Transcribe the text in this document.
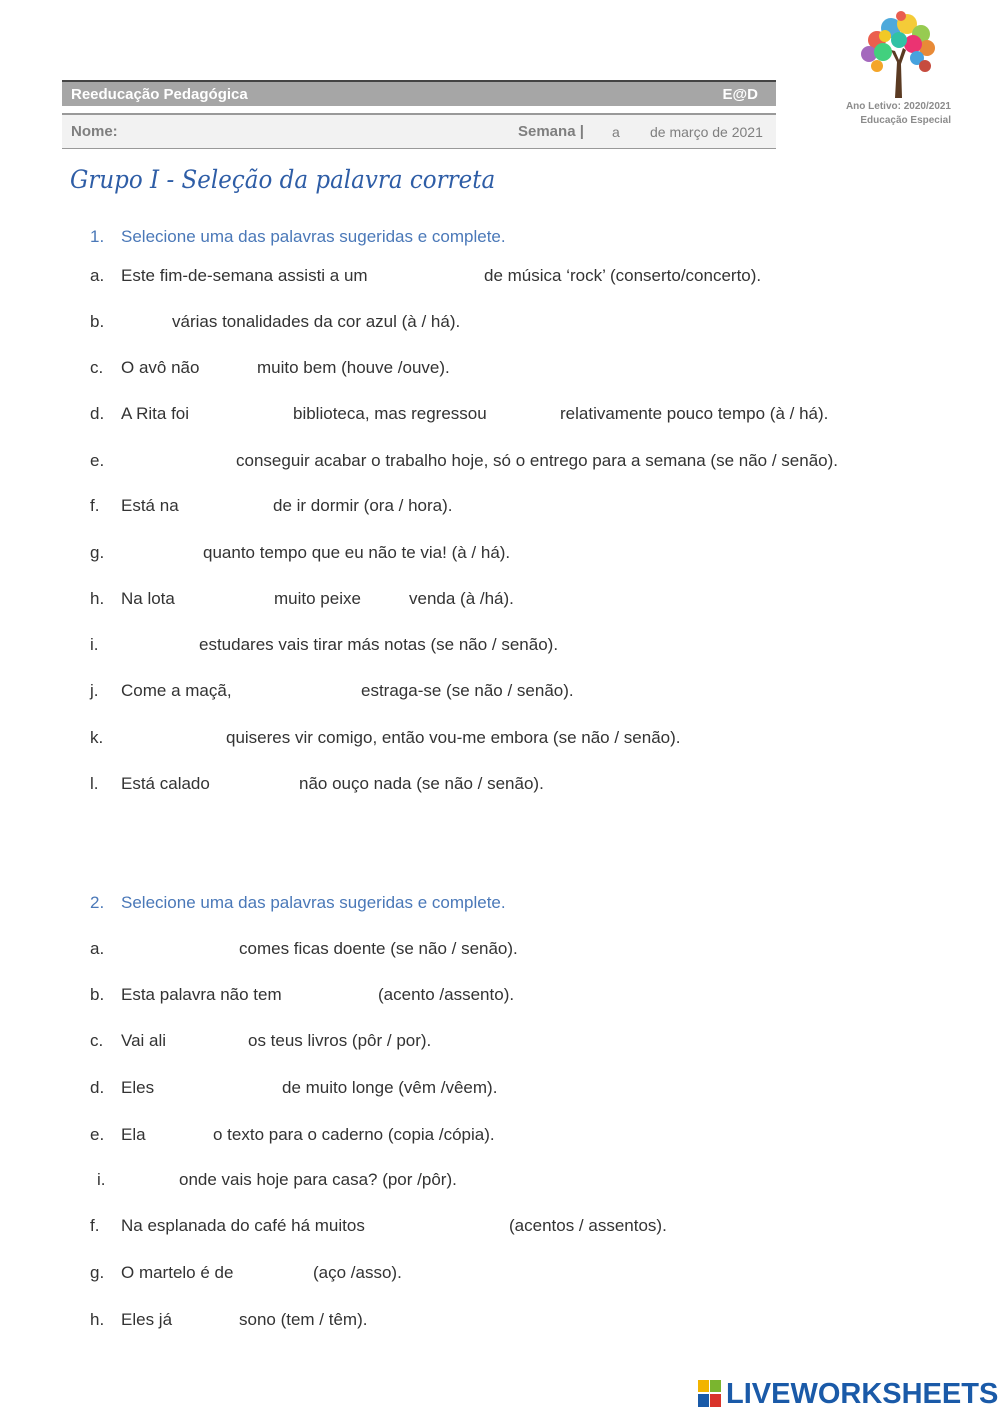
Reeducação Pedagógica	E@D
Nome:	Semana | a de março de 2021
Ano Letivo: 2020/2021
Educação Especial
Grupo I - Seleção da palavra correta
1. Selecione uma das palavras sugeridas e complete.
a. Este fim-de-semana assisti a um	de música ‘rock’ (conserto/concerto).
b.	várias tonalidades da cor azul (à / há).
c. O avô não	muito bem (houve /ouve).
d. A Rita foi	biblioteca, mas regressou	relativamente pouco tempo (à / há).
e.	conseguir acabar o trabalho hoje, só o entrego para a semana (se não / senão).
f. Está na	de ir dormir (ora / hora).
g.	quanto tempo que eu não te via! (à / há).
h. Na lota	muito peixe	venda (à /há).
i.	estudares vais tirar más notas (se não / senão).
j. Come a maçã,	estraga-se (se não / senão).
k.	quiseres vir comigo, então vou-me embora (se não / senão).
l. Está calado	não ouço nada (se não / senão).
2. Selecione uma das palavras sugeridas e complete.
a.	comes ficas doente (se não / senão).
b. Esta palavra não tem	(acento /assento).
c. Vai ali	os teus livros (pôr / por).
d. Eles	de muito longe (vêm /vêem).
e. Ela	o texto para o caderno (copia /cópia).
i.	onde vais hoje para casa? (por /pôr).
f. Na esplanada do café há muitos	(acentos / assentos).
g. O martelo é de	(aço /asso).
h. Eles já	sono (tem / têm).
LIVEWORKSHEETS
